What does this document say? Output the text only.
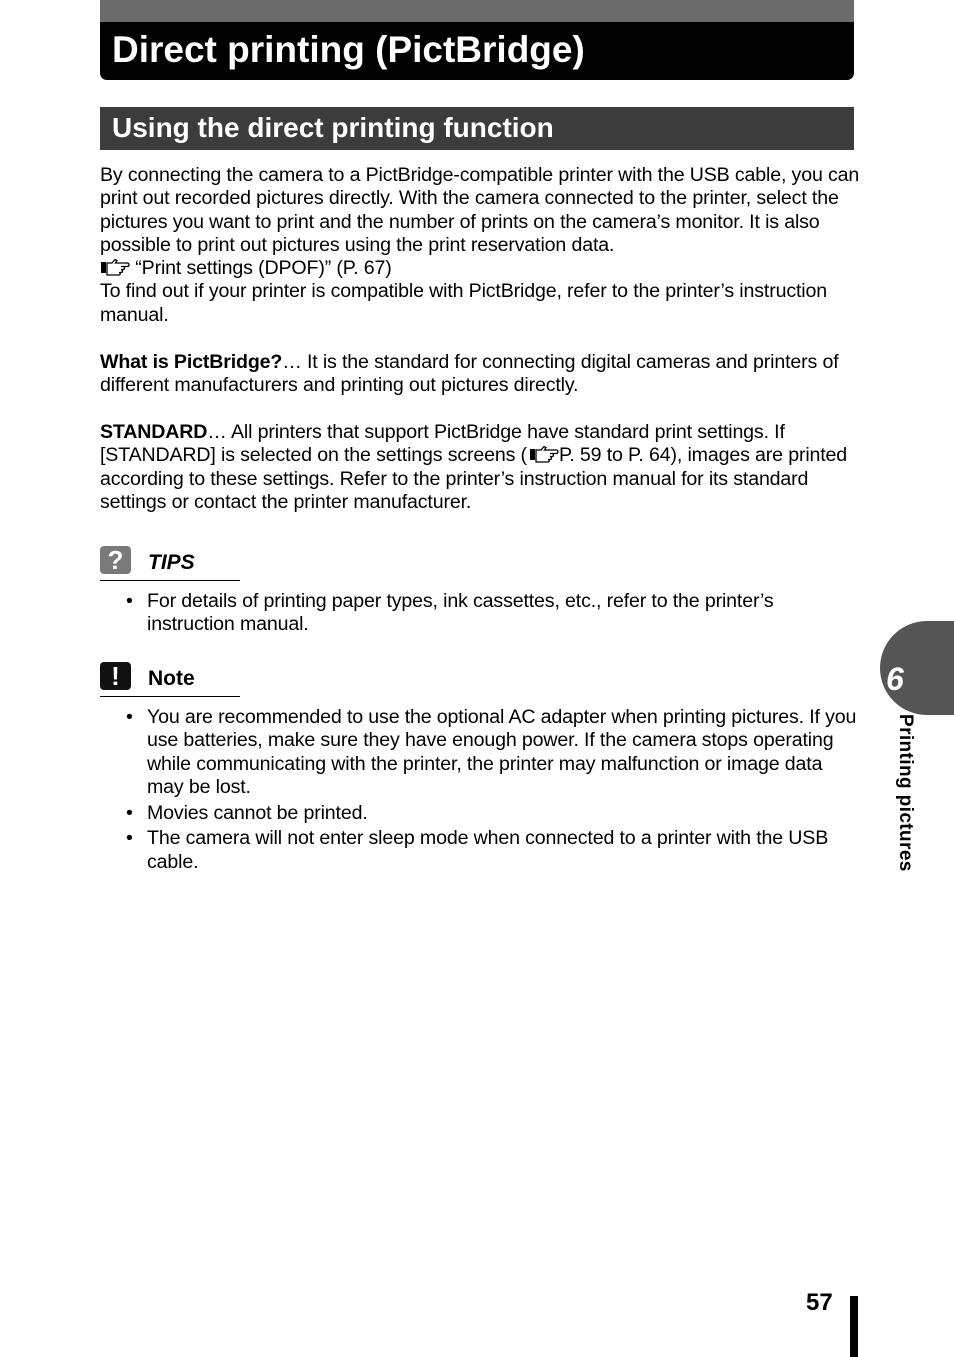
Direct printing (PictBridge)
Using the direct printing function

By connecting the camera to a PictBridge-compatible printer with the USB cable, you can print out recorded pictures directly. With the camera connected to the printer, select the pictures you want to print and the number of prints on the camera’s monitor. It is also possible to print out pictures using the print reservation data.

“Print settings (DPOF)” (P. 67)

To find out if your printer is compatible with PictBridge, refer to the printer’s instruction manual.

What is PictBridge?… It is the standard for connecting digital cameras and printers of different manufacturers and printing out pictures directly.

STANDARD… All printers that support PictBridge have standard print settings. If [STANDARD] is selected on the settings screens ( P. 59 to P. 64), images are printed according to these settings. Refer to the printer’s instruction manual for its standard settings or contact the printer manufacturer.

?	TIPS
• For details of printing paper types, ink cassettes, etc., refer to the printer’s instruction manual.
!	Note
• You are recommended to use the optional AC adapter when printing pictures. If you use batteries, make sure they have enough power. If the camera stops operating while communicating with the printer, the printer may malfunction or image data may be lost.
• Movies cannot be printed.
• The camera will not enter sleep mode when connected to a printer with the USB cable.
6
Printing pictures
57
